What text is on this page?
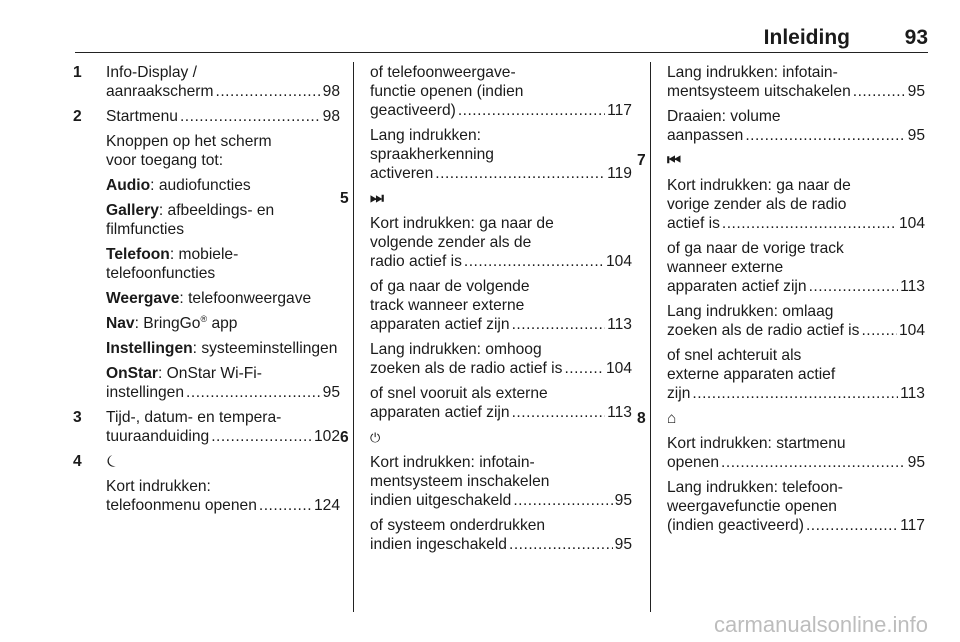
Inleiding	93
1 Info-Display /
aanraakscherm .....	98
2 Startmenu .....	98
Knoppen op het scherm
voor toegang tot:
Audio: audiofuncties
Gallery: afbeeldings- en
filmfuncties
Telefoon: mobiele-
telefoonfuncties
Weergave: telefoonweergave
Nav: BringGo® app
Instellingen: systeeminstellingen
OnStar: OnStar Wi-Fi-
instellingen .....	95
3 Tijd-, datum- en tempera-
tuuraanduiding .....	102
4 ⏾
Kort indrukken:
telefoonmenu openen .....	124
of telefoonweergave-
functie openen (indien
geactiveerd) .....	117
Lang indrukken:
spraakherkenning
activeren .....	119
5 ⏭
Kort indrukken: ga naar de
volgende zender als de
radio actief is .....	104
of ga naar de volgende
track wanneer externe
apparaten actief zijn .....	113
Lang indrukken: omhoog
zoeken als de radio actief is .....	104
of snel vooruit als externe
apparaten actief zijn .....	113
6 ⏻
Kort indrukken: infotain-
mentsysteem inschakelen
indien uitgeschakeld .....	95
of systeem onderdrukken
indien ingeschakeld .....	95
Lang indrukken: infotain-
mentsysteem uitschakelen .....	95
Draaien: volume
aanpassen .....	95
7 ⏮
Kort indrukken: ga naar de
vorige zender als de radio
actief is .....	104
of ga naar de vorige track
wanneer externe
apparaten actief zijn .....	113
Lang indrukken: omlaag
zoeken als de radio actief is .....	104
of snel achteruit als
externe apparaten actief
zijn .....	113
8 ⌂
Kort indrukken: startmenu
openen .....	95
Lang indrukken: telefoon-
weergavefunctie openen
(indien geactiveerd) .....	117
carmanualsonline.info
